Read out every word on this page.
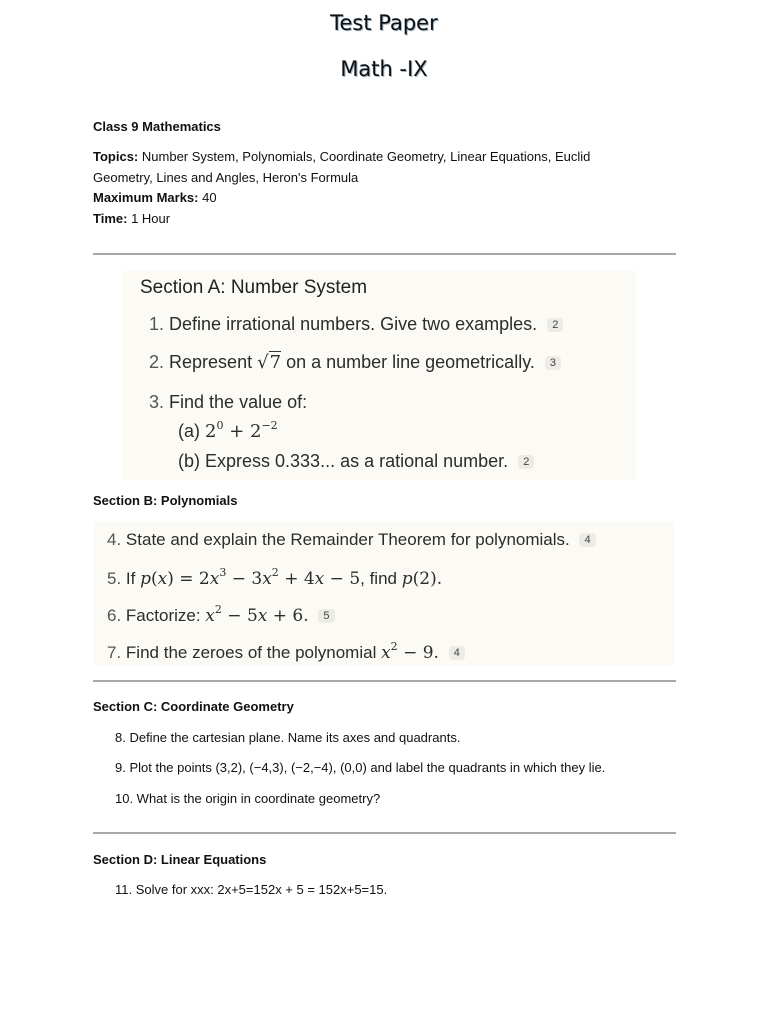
Test Paper
Math -IX
Class 9 Mathematics
Topics: Number System, Polynomials, Coordinate Geometry, Linear Equations, Euclid Geometry, Lines and Angles, Heron's Formula
Maximum Marks: 40
Time: 1 Hour
Section A: Number System
1. Define irrational numbers. Give two examples. 2
2. Represent √7 on a number line geometrically. 3
3. Find the value of:
(a) $2^0 + 2^{-2}$
(b) Express 0.333... as a rational number. 2
Section B: Polynomials
4. State and explain the Remainder Theorem for polynomials. 4
5. If $p(x) = 2x^3 - 3x^2 + 4x - 5$, find p(2).
6. Factorize: $x^2 - 5x + 6$. 5
7. Find the zeroes of the polynomial $x^2 - 9$. 4
Section C: Coordinate Geometry
8. Define the cartesian plane. Name its axes and quadrants.
9. Plot the points (3,2), (−4,3), (−2,−4), (0,0) and label the quadrants in which they lie.
10. What is the origin in coordinate geometry?
Section D: Linear Equations
11. Solve for xxx: 2x+5=152x + 5 = 152x+5=15.
